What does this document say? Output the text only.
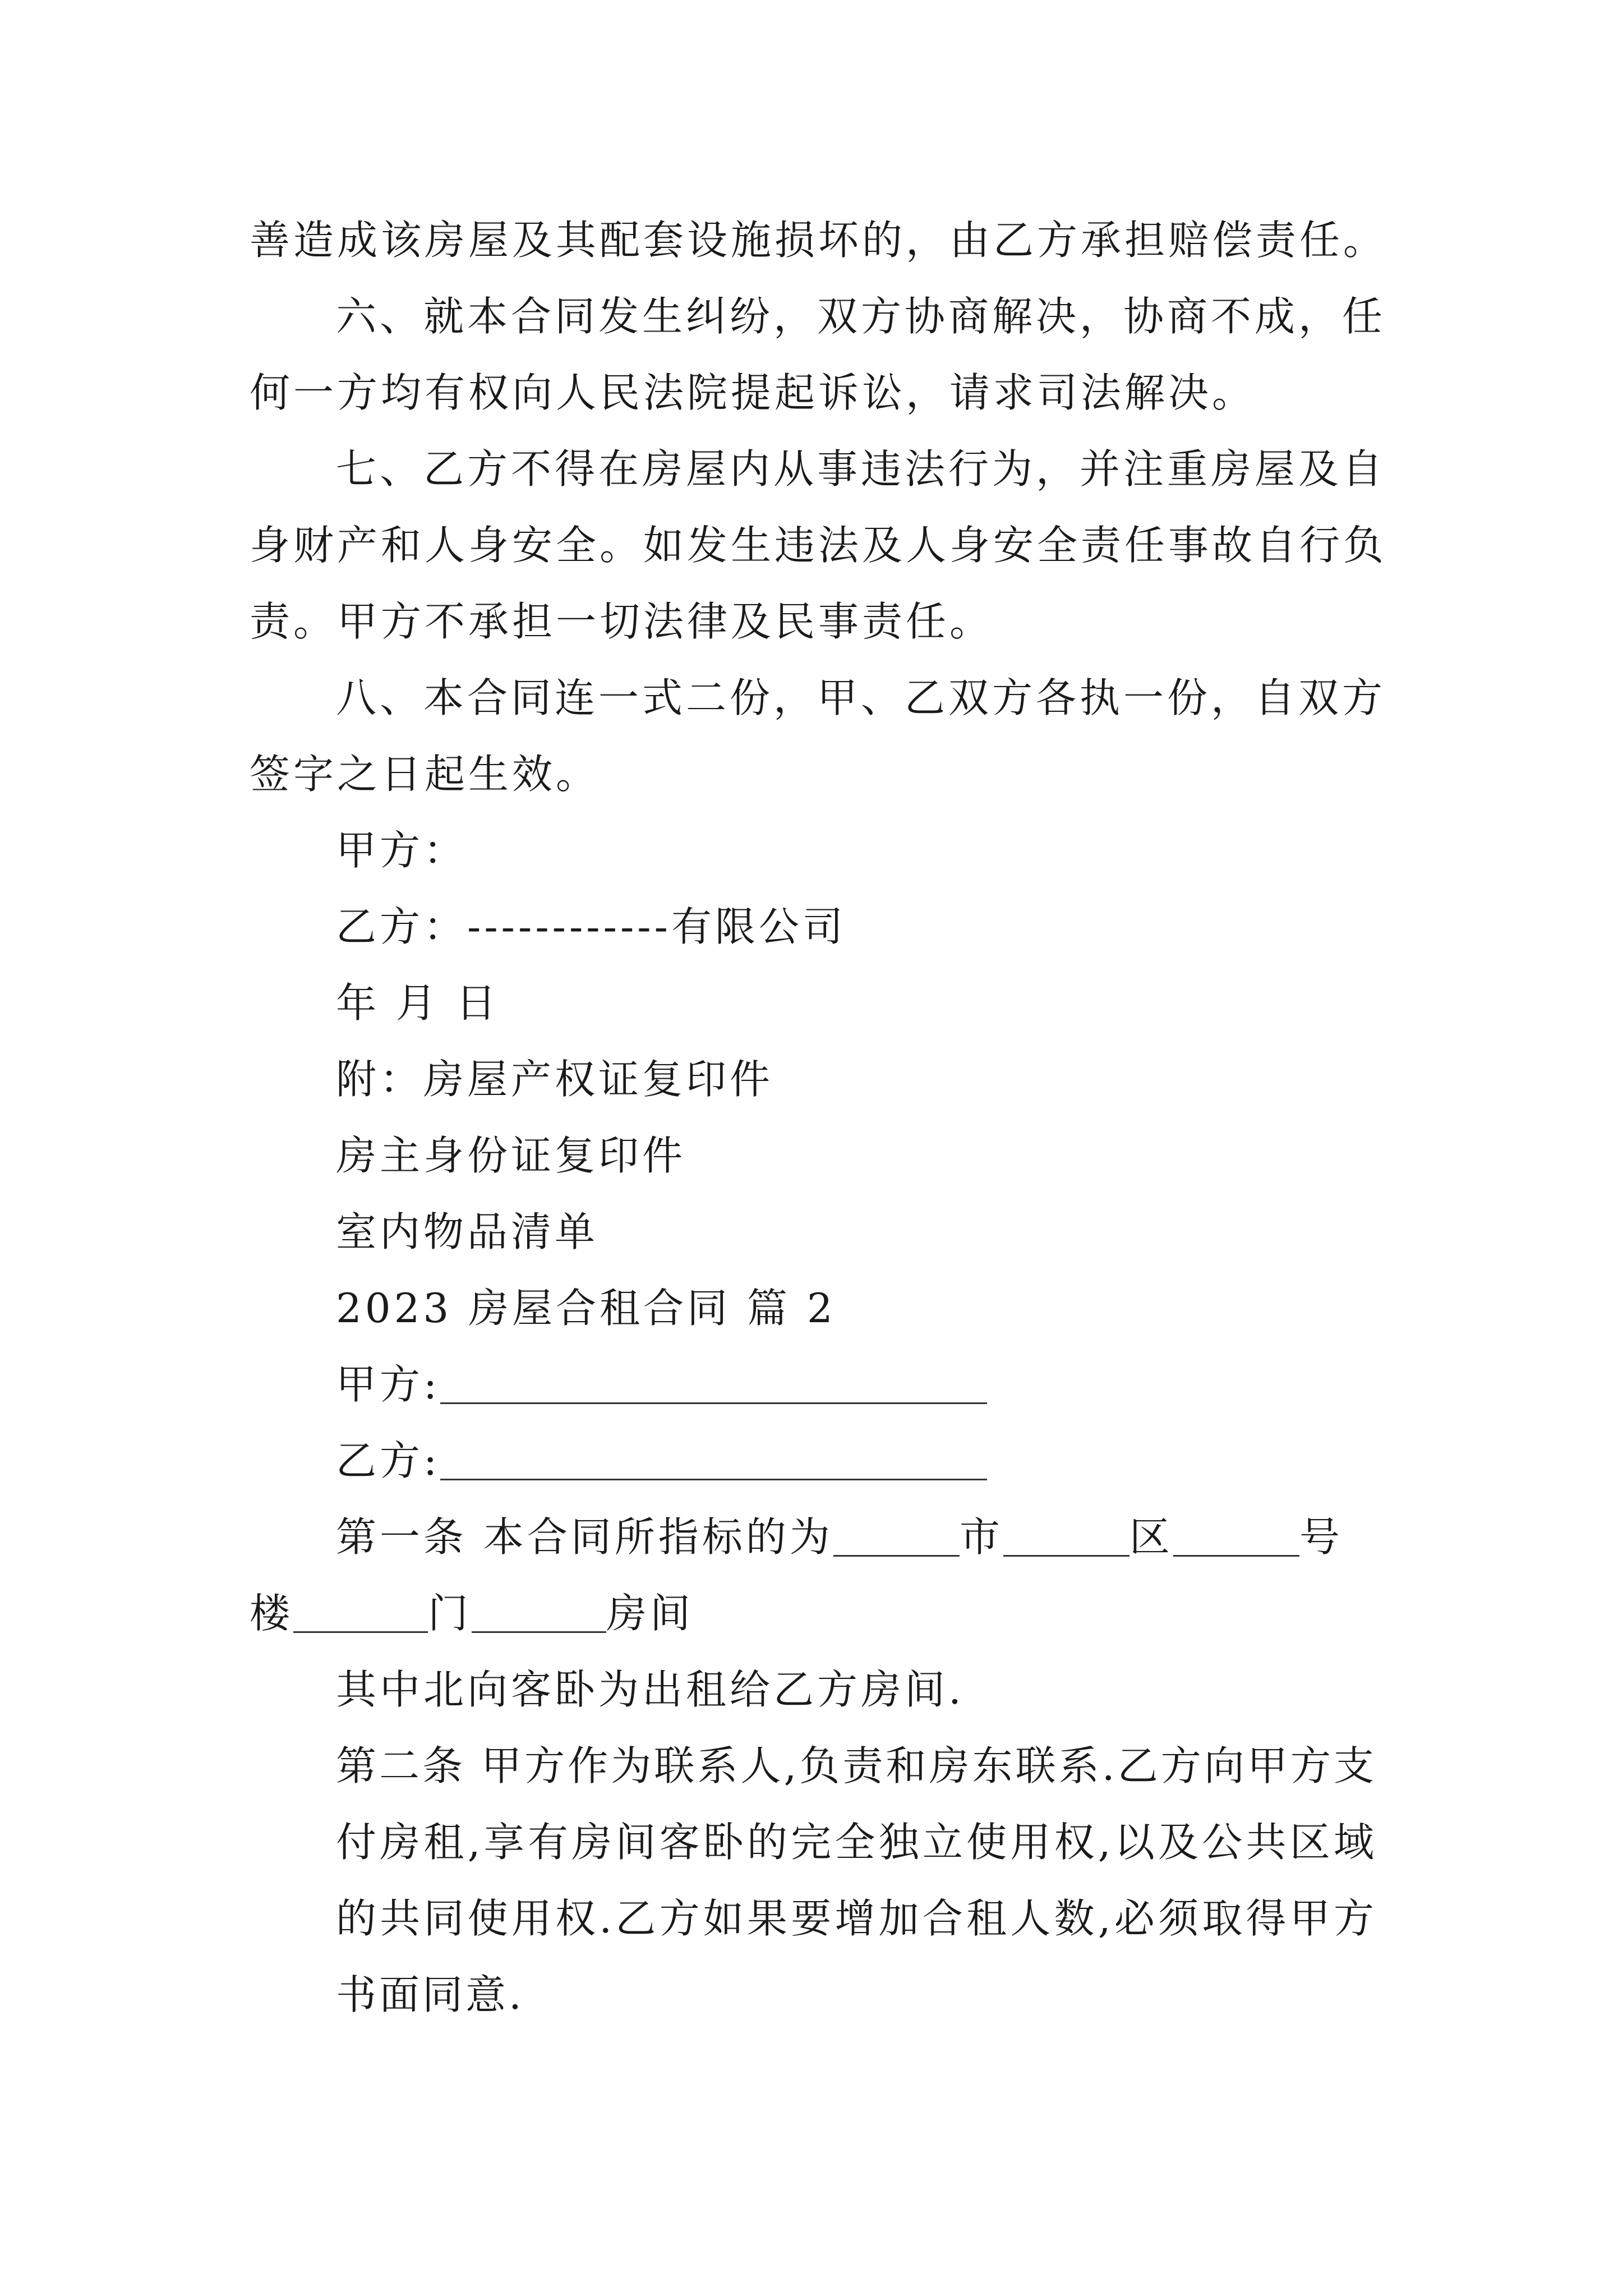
善造成该房屋及其配套设施损坏的，由乙方承担赔偿责任。
六、就本合同发生纠纷，双方协商解决，协商不成，任
何一方均有权向人民法院提起诉讼，请求司法解决。
七、乙方不得在房屋内从事违法行为，并注重房屋及自
身财产和人身安全。如发生违法及人身安全责任事故自行负
责。甲方不承担一切法律及民事责任。
八、本合同连一式二份，甲、乙双方各执一份，自双方
签字之日起生效。
甲方：
乙方：------------有限公司
年 月 日
附：房屋产权证复印件
房主身份证复印件
室内物品清单
2023 房屋合租合同 篇 2
甲方:
乙方:
第一条 本合同所指标的为	市	区	号
楼	门	房间
其中北向客卧为出租给乙方房间.
第二条 甲方作为联系人,负责和房东联系.乙方向甲方支付房租,享有房间客卧的完全独立使用权,以及公共区域的共同使用权.乙方如果要增加合租人数,必须取得甲方书面同意.
